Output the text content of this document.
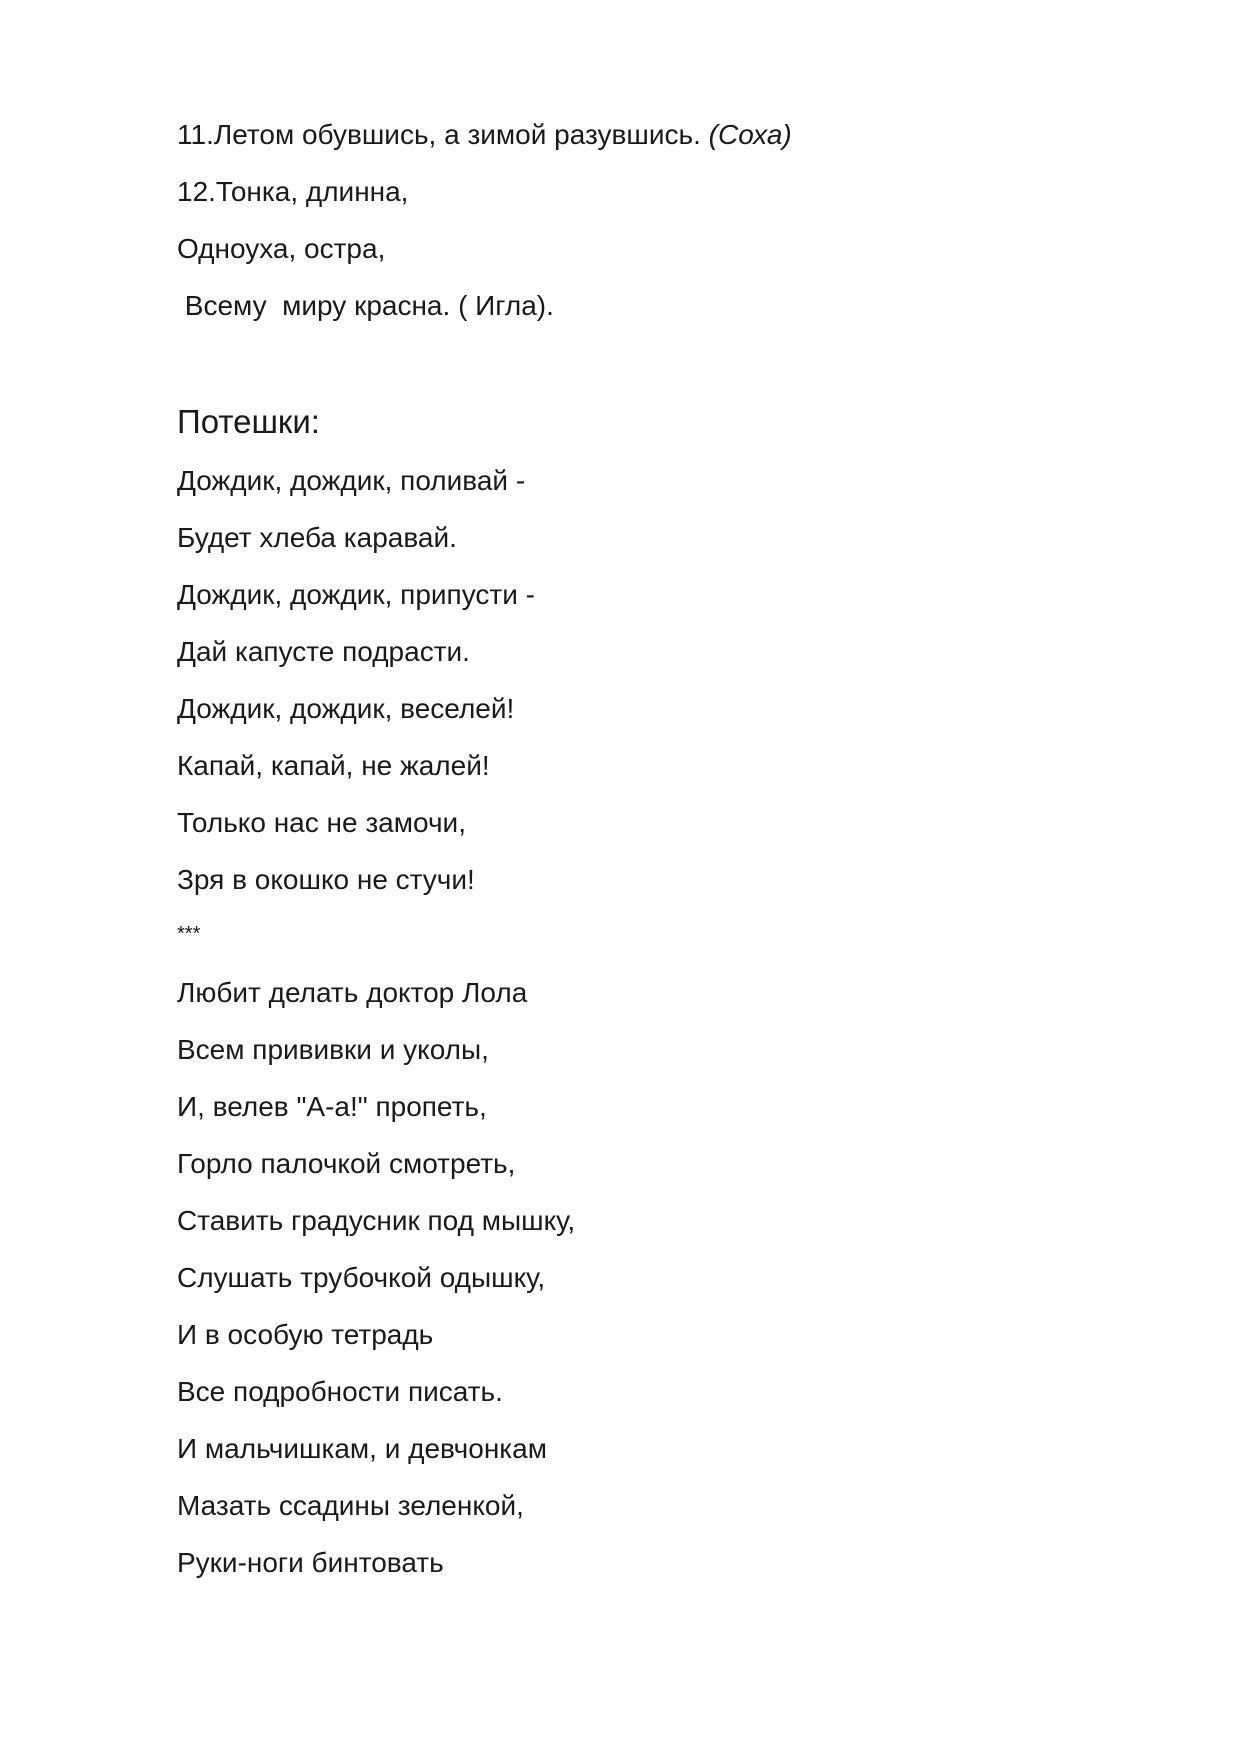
11.Летом обувшись, а зимой разувшись. (Соха)
12.Тонка, длинна,
Одноуха, остра,
Всему  миру красна. ( Игла).
Потешки:
Дождик, дождик, поливай -
Будет хлеба каравай.
Дождик, дождик, припусти -
Дай капусте подрасти.
Дождик, дождик, веселей!
Капай, капай, не жалей!
Только нас не замочи,
Зря в окошко не стучи!
***
Любит делать доктор Лола
Всем прививки и уколы,
И, велев "А-а!" пропеть,
Горло палочкой смотреть,
Ставить градусник под мышку,
Слушать трубочкой одышку,
И в особую тетрадь
Все подробности писать.
И мальчишкам, и девчонкам
Мазать ссадины зеленкой,
Руки-ноги бинтовать
